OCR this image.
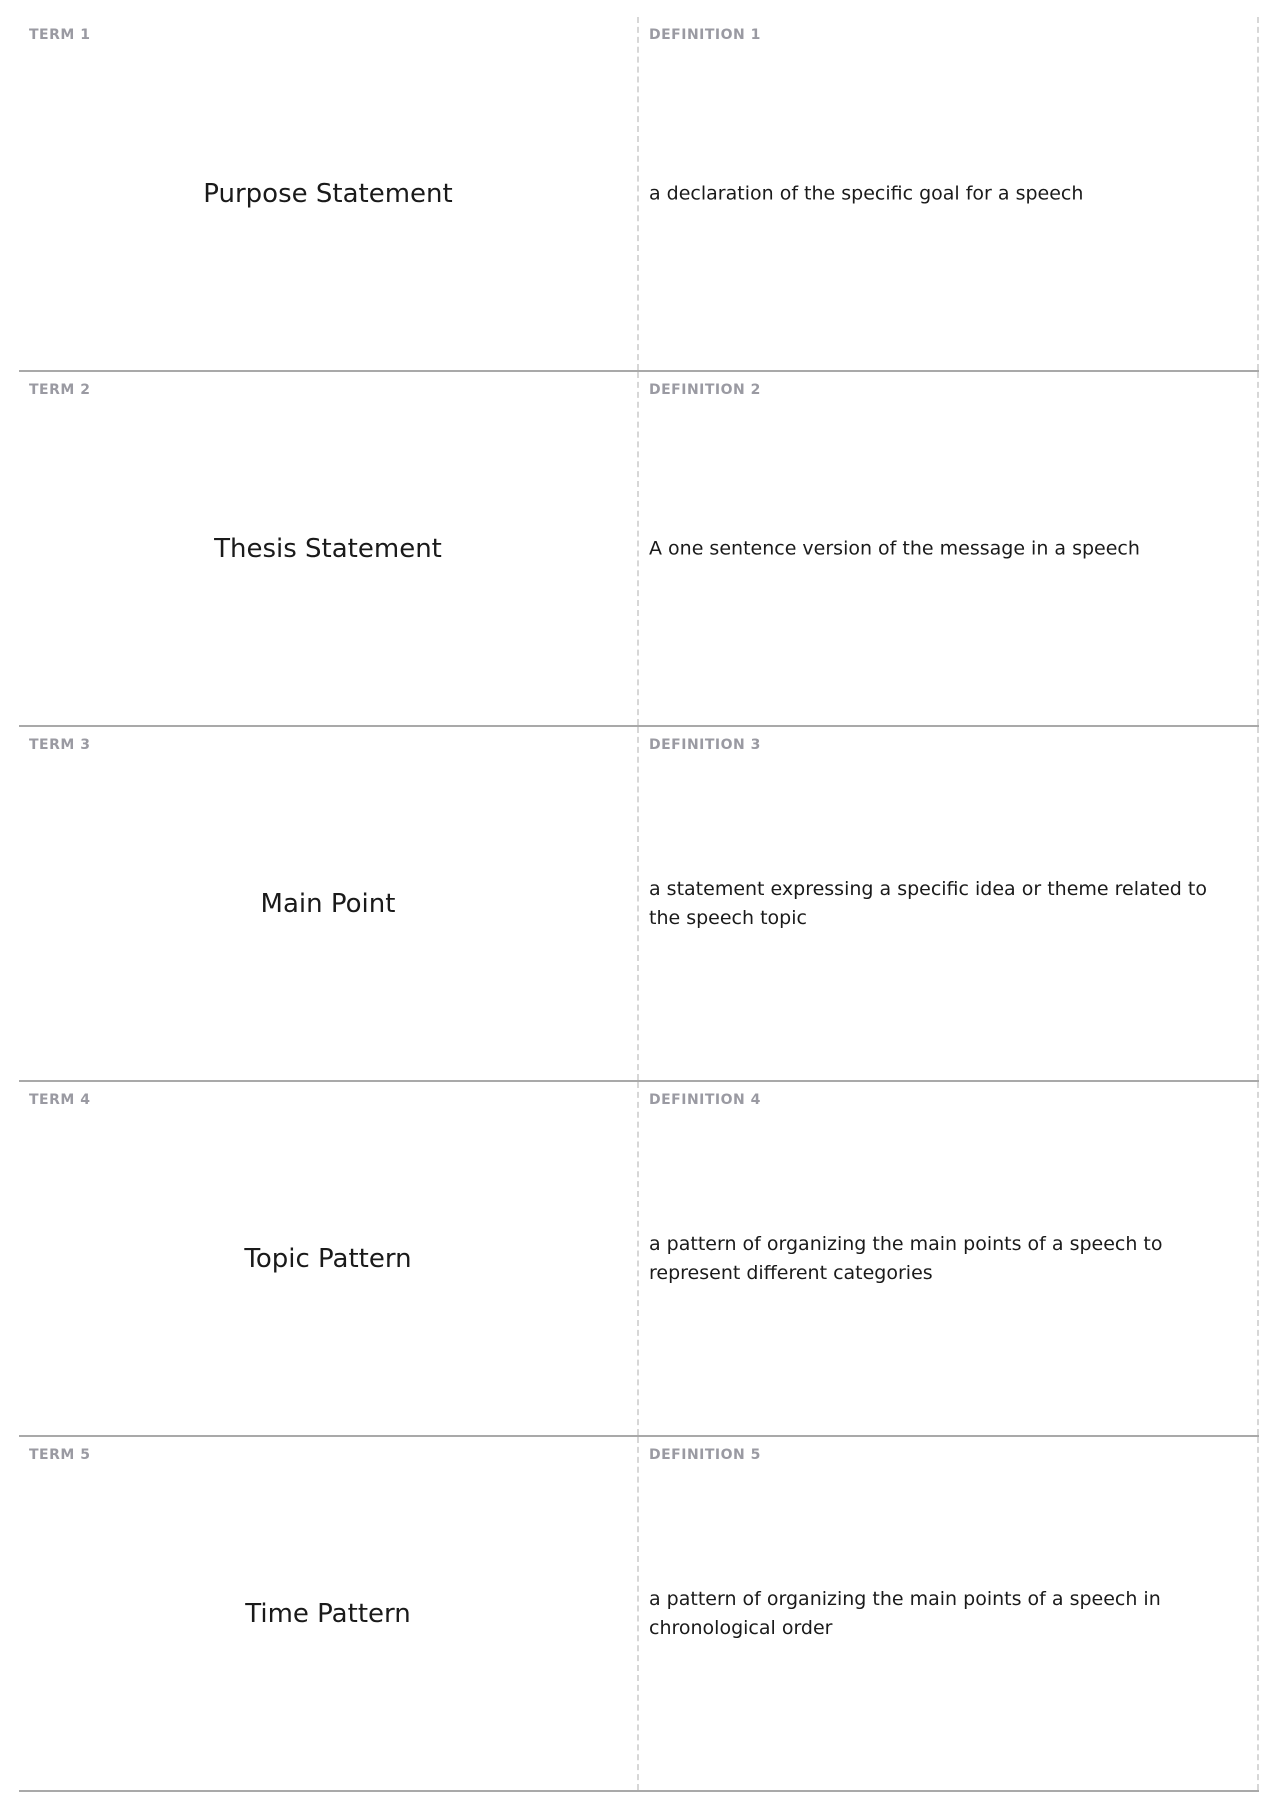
TERM 1
Purpose Statement
DEFINITION 1
a declaration of the specific goal for a speech
TERM 2
Thesis Statement
DEFINITION 2
A one sentence version of the message in a speech
TERM 3
Main Point
DEFINITION 3
a statement expressing a specific idea or theme related to the speech topic
TERM 4
Topic Pattern
DEFINITION 4
a pattern of organizing the main points of a speech to represent different categories
TERM 5
Time Pattern
DEFINITION 5
a pattern of organizing the main points of a speech in chronological order
